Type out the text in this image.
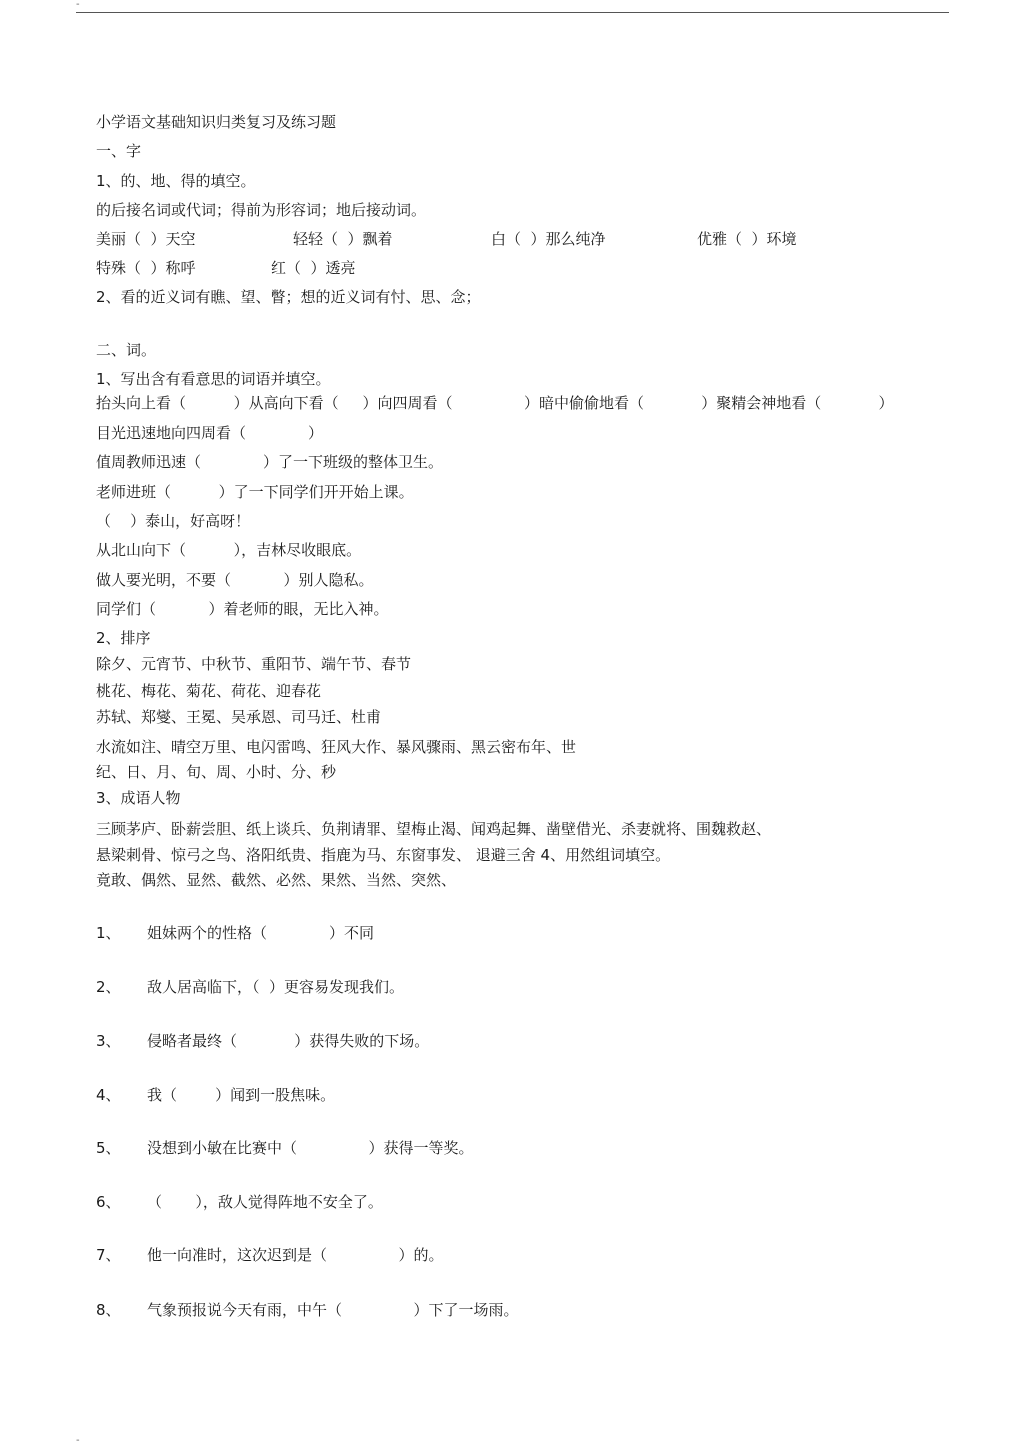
-
小学语文基础知识归类复习及练习题
一、字
1、的、地、得的填空。
的后接名词或代词；得前为形容词；地后接动词。
美丽（  ）天空	轻轻（  ）飘着	白（  ）那么纯净	优雅（  ）环境
特殊（  ）称呼	红（  ）透亮
2、看的近义词有瞧、望、瞥；想的近义词有忖、思、念；
二、词。
1、写出含有看意思的词语并填空。
抬头向上看（          ）从高向下看（     ）向四周看（               ）暗中偷偷地看（            ）聚精会神地看（            ）
目光迅速地向四周看（             ）
值周教师迅速（             ）了一下班级的整体卫生。
老师进班（          ）了一下同学们开开始上课。
（    ）泰山，好高呀！
从北山向下（          ），吉林尽收眼底。
做人要光明，不要（           ）别人隐私。
同学们（           ）着老师的眼，无比入神。
2、排序
除夕、元宵节、中秋节、重阳节、端午节、春节
桃花、梅花、菊花、荷花、迎春花
苏轼、郑燮、王冕、吴承恩、司马迁、杜甫
水流如注、晴空万里、电闪雷鸣、狂风大作、暴风骤雨、黑云密布年、世
纪、日、月、旬、周、小时、分、秒
3、成语人物
三顾茅庐、卧薪尝胆、纸上谈兵、负荆请罪、望梅止渴、闻鸡起舞、凿壁借光、杀妻就将、围魏救赵、
悬梁刺骨、惊弓之鸟、洛阳纸贵、指鹿为马、东窗事发、 退避三舍 4、用然组词填空。
竟敢、偶然、显然、截然、必然、果然、当然、突然、
1、 姐妹两个的性格（             ）不同
2、 敌人居高临下，（  ）更容易发现我们。
3、 侵略者最终（            ）获得失败的下场。
4、 我（        ）闻到一股焦味。
5、 没想到小敏在比赛中（               ）获得一等奖。
6、 （       ），敌人觉得阵地不安全了。
7、 他一向准时，这次迟到是（               ）的。
8、 气象预报说今天有雨，中午（               ）下了一场雨。
-
